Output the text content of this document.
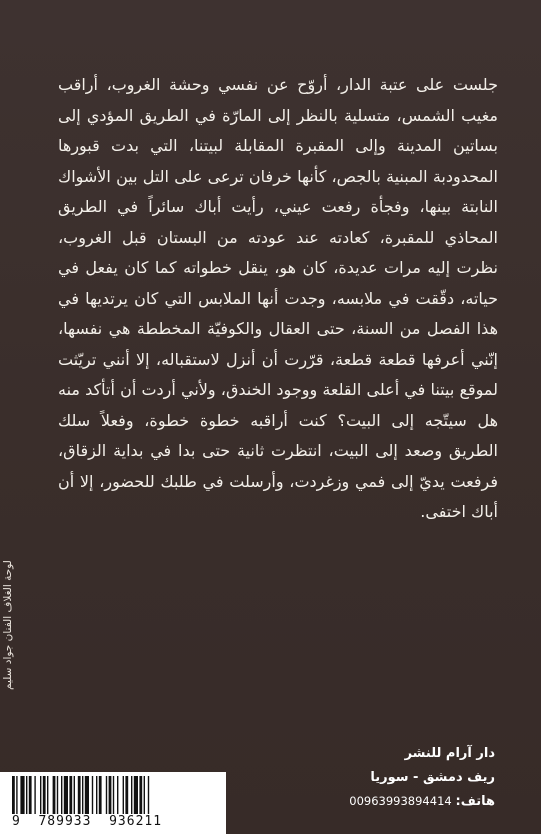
جلست على عتبة الدار، أروّح عن نفسي وحشة الغروب، أراقب مغيب الشمس، متسلية بالنظر إلى المارّة في الطريق المؤدي إلى بساتين المدينة وإلى المقبرة المقابلة لبيتنا، التي بدت قبورها المحدودبة المبنية بالجص، كأنها خرفان ترعى على التل بين الأشواك النابتة بينها، وفجأة رفعت عيني، رأيت أباك سائراً في الطريق المحاذي للمقبرة، كعادته عند عودته من البستان قبل الغروب، نظرت إليه مرات عديدة، كان هو، ينقل خطواته كما كان يفعل في حياته، دقّقت في ملابسه، وجدت أنها الملابس التي كان يرتديها في هذا الفصل من السنة، حتى العقال والكوفيّة المخططة هي نفسها، إنّني أعرفها قطعة قطعة، قرّرت أن أنزل لاستقباله، إلا أنني تريّثت لموقع بيتنا في أعلى القلعة ووجود الخندق، ولأني أردت أن أتأكد منه هل سيتّجه إلى البيت؟ كنت أراقبه خطوة خطوة، وفعلاً سلك الطريق وصعد إلى البيت، انتظرت ثانية حتى بدا في بداية الزقاق، فرفعت يديّ إلى فمي وزغردت، وأرسلت في طلبك للحضور، إلا أن أباك اختفى.
لوحة الغلاف الفنان جواد سليم
دار آرام للنشر
ريف دمشق - سوريا
هاتف: 00963993894414
9  789933  936211
